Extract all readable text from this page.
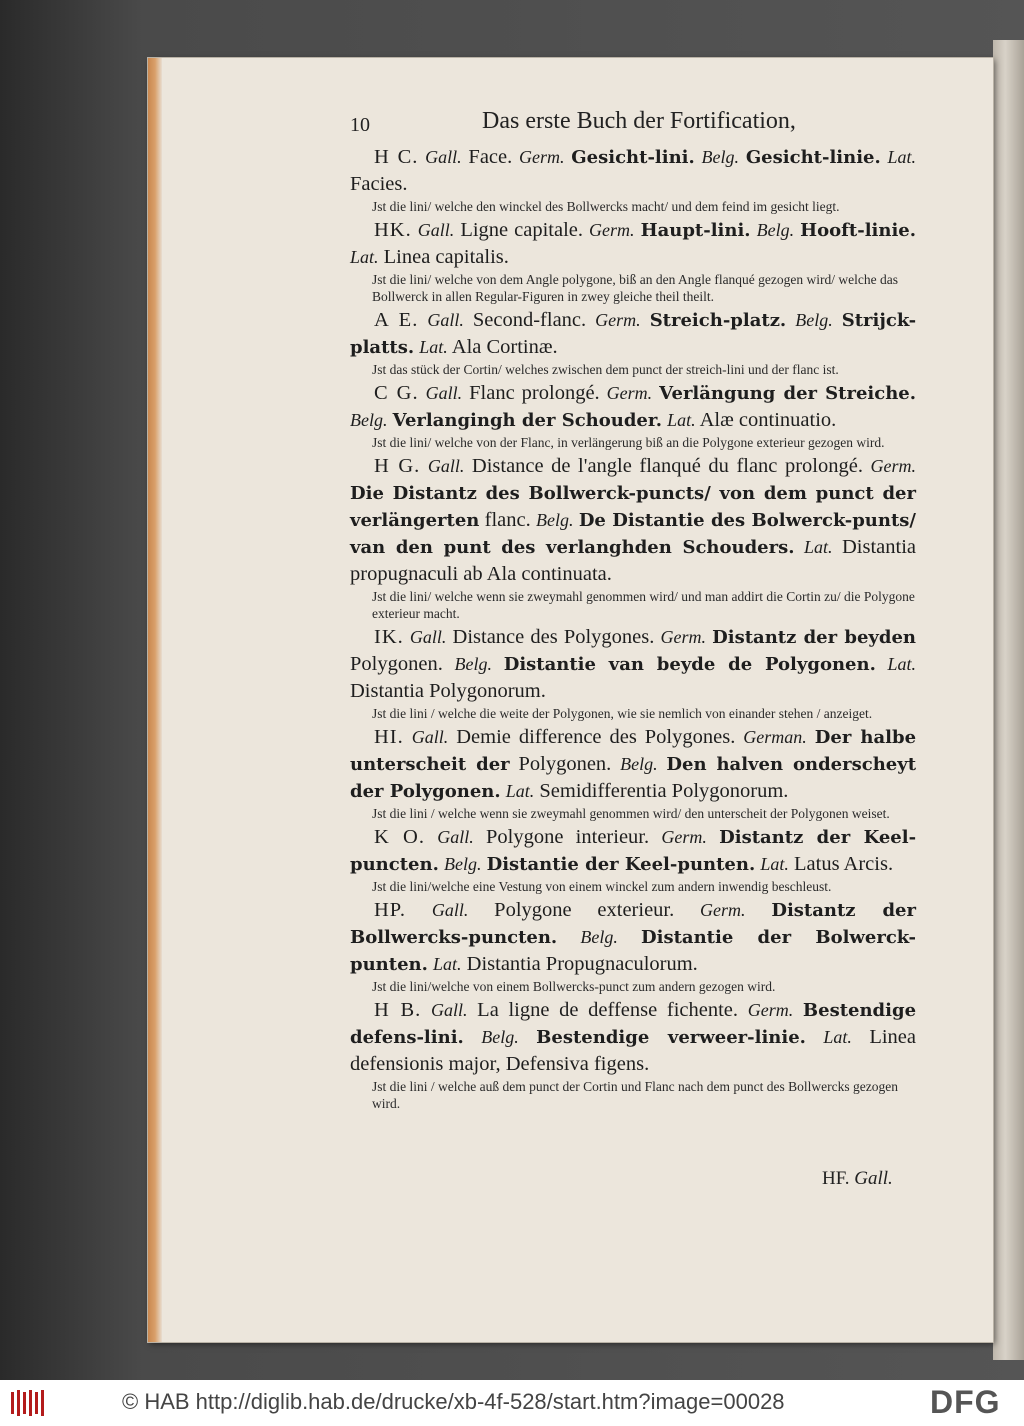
10	Das erste Buch der Fortification,

H C. Gall. Face. Germ. Gesicht-lini. Belg. Gesicht-linie. Lat. Facies.

Jst die lini/ welche den winckel des Bollwercks macht/ und dem feind im gesicht liegt.

HK. Gall. Ligne capitale. Germ. Haupt-lini. Belg. Hooft-linie. Lat. Linea capitalis.

Jst die lini/ welche von dem Angle polygone, biß an den Angle flanqué gezogen wird/ welche das Bollwerck in allen Regular-Figuren in zwey gleiche theil theilt.

A E. Gall. Second-flanc. Germ. Streich-platz. Belg. Strijck-platts. Lat. Ala Cortinæ.

Jst das stück der Cortin/ welches zwischen dem punct der streich-lini und der flanc ist.

C G. Gall. Flanc prolongé. Germ. Verlängung der Streiche. Belg. Verlangingh der Schouder. Lat. Alæ continuatio.

Jst die lini/ welche von der Flanc, in verlängerung biß an die Polygone exterieur gezogen wird.

H G. Gall. Distance de l'angle flanqué du flanc prolongé. Germ. Die Distantz des Bollwerck-puncts/ von dem punct der verlängerten flanc. Belg. De Distantie des Bolwerck-punts/ van den punt des verlanghden Schouders. Lat. Distantia propugnaculi ab Ala continuata.

Jst die lini/ welche wenn sie zweymahl genommen wird/ und man addirt die Cortin zu/ die Polygone exterieur macht.

IK. Gall. Distance des Polygones. Germ. Distantz der beyden Polygonen. Belg. Distantie van beyde de Polygonen. Lat. Distantia Polygonorum.

Jst die lini / welche die weite der Polygonen, wie sie nemlich von einander stehen / anzeiget.

HI. Gall. Demie difference des Polygones. German. Der halbe unterscheit der Polygonen. Belg. Den halven onderscheyt der Polygonen. Lat. Semidifferentia Polygonorum.

Jst die lini / welche wenn sie zweymahl genommen wird/ den unterscheit der Polygonen weiset.

K O. Gall. Polygone interieur. Germ. Distantz der Keel-puncten. Belg. Distantie der Keel-punten. Lat. Latus Arcis.

Jst die lini/welche eine Vestung von einem winckel zum andern inwendig beschleust.

HP. Gall. Polygone exterieur. Germ. Distantz der Bollwercks-puncten. Belg. Distantie der Bolwerck-punten. Lat. Distantia Propugnaculorum.

Jst die lini/welche von einem Bollwercks-punct zum andern gezogen wird.

H B. Gall. La ligne de deffense fichente. Germ. Bestendige defens-lini. Belg. Bestendige verweer-linie. Lat. Linea defensionis major, Defensiva figens.

Jst die lini / welche auß dem punct der Cortin und Flanc nach dem punct des Bollwercks gezogen wird.

HF. Gall.
© HAB http://diglib.hab.de/drucke/xb-4f-528/start.htm?image=00028	DFG
